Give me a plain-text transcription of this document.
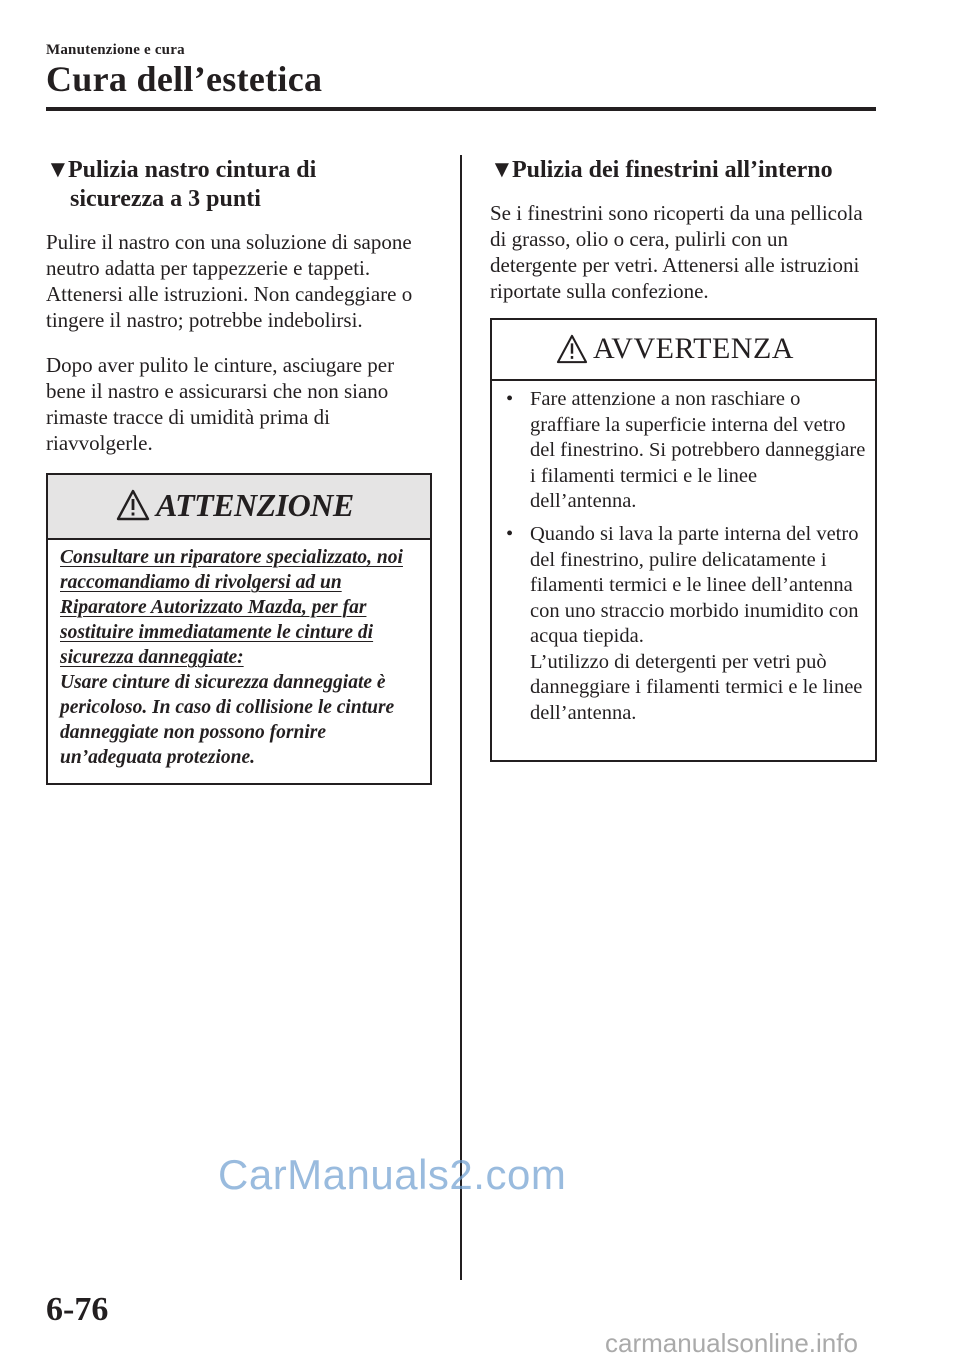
Manutenzione e cura
Cura dell’estetica
▼Pulizia nastro cintura di
sicurezza a 3 punti
Pulire il nastro con una soluzione di sapone neutro adatta per tappezzerie e tappeti. Attenersi alle istruzioni. Non candeggiare o tingere il nastro; potrebbe indebolirsi.
Dopo aver pulito le cinture, asciugare per bene il nastro e assicurarsi che non siano rimaste tracce di umidità prima di riavvolgerle.
ATTENZIONE
Consultare un riparatore specializzato, noi raccomandiamo di rivolgersi ad un Riparatore Autorizzato Mazda, per far sostituire immediatamente le cinture di sicurezza danneggiate:
Usare cinture di sicurezza danneggiate è pericoloso. In caso di collisione le cinture danneggiate non possono fornire un’adeguata protezione.
▼Pulizia dei finestrini all’interno
Se i finestrini sono ricoperti da una pellicola di grasso, olio o cera, pulirli con un detergente per vetri. Attenersi alle istruzioni riportate sulla confezione.
AVVERTENZA
• Fare attenzione a non raschiare o graffiare la superficie interna del vetro del finestrino. Si potrebbero danneggiare i filamenti termici e le linee dell’antenna.
• Quando si lava la parte interna del vetro del finestrino, pulire delicatamente i filamenti termici e le linee dell’antenna con uno straccio morbido inumidito con acqua tiepida.
L’utilizzo di detergenti per vetri può danneggiare i filamenti termici e le linee dell’antenna.
CarManuals2.com
6-76
carmanualsonline.info
